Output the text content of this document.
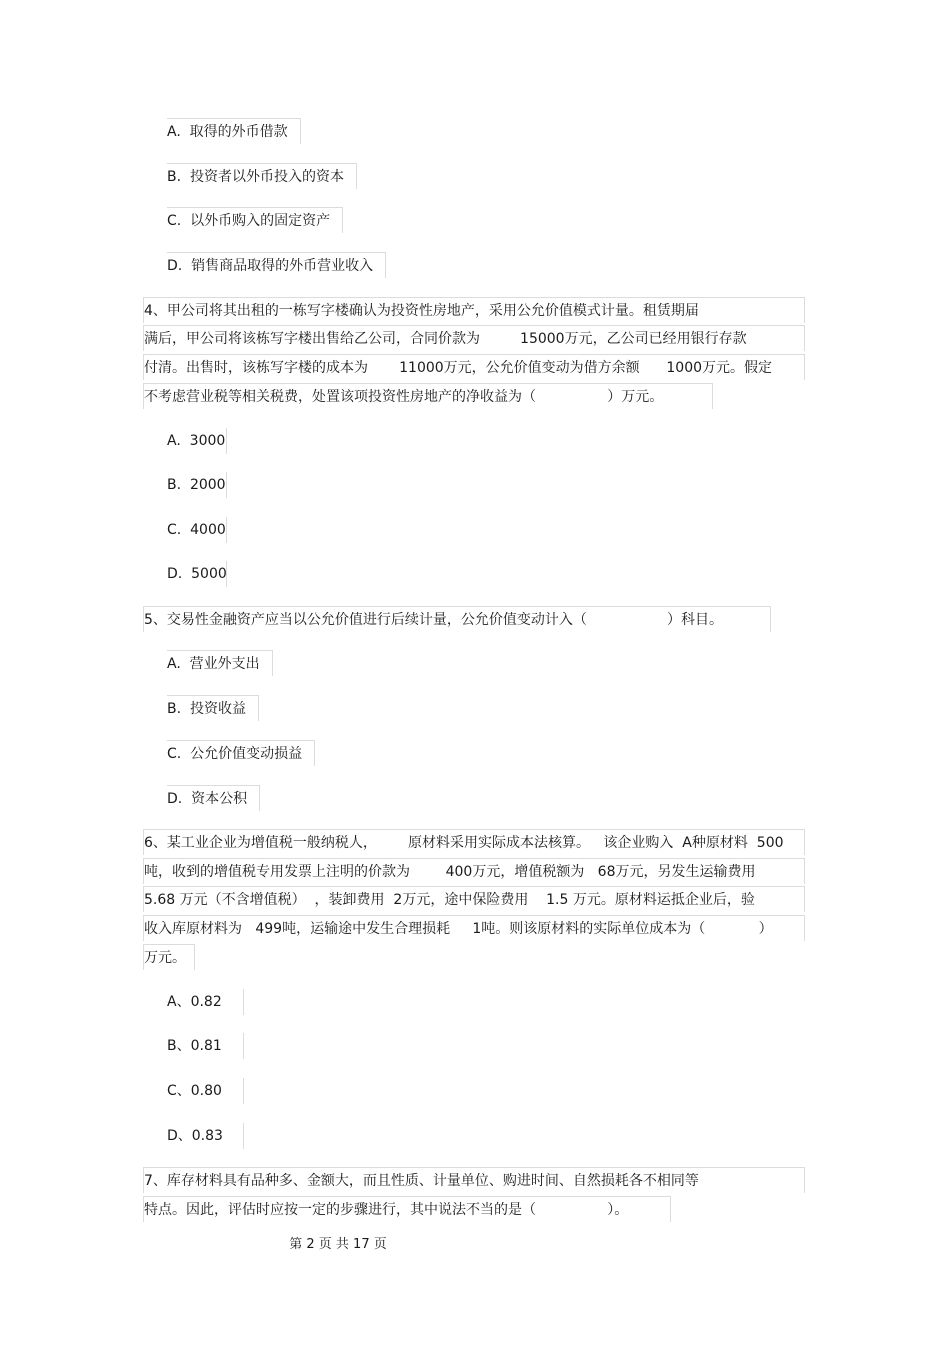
A.  取得的外币借款
B.  投资者以外币投入的资本
C.  以外币购入的固定资产
D.  销售商品取得的外币营业收入
4、甲公司将其出租的一栋写字楼确认为投资性房地产，采用公允价值模式计量。租赁期届
满后，甲公司将该栋写字楼出售给乙公司，合同价款为         15000万元，乙公司已经用银行存款
付清。出售时，该栋写字楼的成本为       11000万元，公允价值变动为借方余额      1000万元。假定
不考虑营业税等相关税费，处置该项投资性房地产的净收益为（                ）万元。
A.  3000
B.  2000
C.  4000
D.  5000
5、交易性金融资产应当以公允价值进行后续计量，公允价值变动计入（                  ）科目。
A.  营业外支出
B.  投资收益
C.  公允价值变动损益
D.  资本公积
6、某工业企业为增值税一般纳税人，       原材料采用实际成本法核算。   该企业购入  A种原材料  500
吨，收到的增值税专用发票上注明的价款为        400万元，增值税额为   68万元，另发生运输费用
5.68 万元（不含增值税）  ，装卸费用  2万元，途中保险费用    1.5 万元。原材料运抵企业后，验
收入库原材料为   499吨，运输途中发生合理损耗     1吨。则该原材料的实际单位成本为（            ）
万元。
A、0.82
B、0.81
C、0.80
D、0.83
7、库存材料具有品种多、金额大，而且性质、计量单位、购进时间、自然损耗各不相同等
特点。因此，评估时应按一定的步骤进行，其中说法不当的是（                ）。
第 2 页 共 17 页
